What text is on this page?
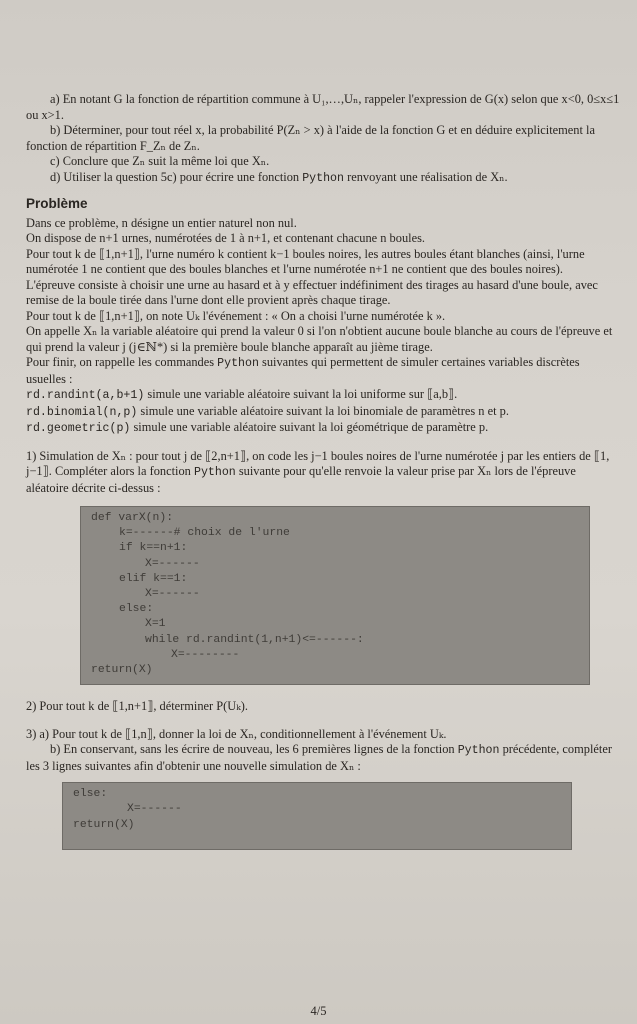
a) En notant G la fonction de répartition commune à U₁,…,Uₙ, rappeler l'expression de G(x) selon que x<0, 0≤x≤1 ou x>1.

b) Déterminer, pour tout réel x, la probabilité P(Zₙ > x) à l'aide de la fonction G et en déduire explicitement la fonction de répartition F_Zₙ de Zₙ.

c) Conclure que Zₙ suit la même loi que Xₙ.

d) Utiliser la question 5c) pour écrire une fonction Python renvoyant une réalisation de Xₙ.

Problème

Dans ce problème, n désigne un entier naturel non nul.

On dispose de n+1 urnes, numérotées de 1 à n+1, et contenant chacune n boules.

Pour tout k de ⟦1,n+1⟧, l'urne numéro k contient k−1 boules noires, les autres boules étant blanches (ainsi, l'urne numérotée 1 ne contient que des boules blanches et l'urne numérotée n+1 ne contient que des boules noires).

L'épreuve consiste à choisir une urne au hasard et à y effectuer indéfiniment des tirages au hasard d'une boule, avec remise de la boule tirée dans l'urne dont elle provient après chaque tirage.

Pour tout k de ⟦1,n+1⟧, on note Uₖ l'événement : « On a choisi l'urne numérotée k ».

On appelle Xₙ la variable aléatoire qui prend la valeur 0 si l'on n'obtient aucune boule blanche au cours de l'épreuve et qui prend la valeur j (j∈ℕ*) si la première boule blanche apparaît au jième tirage.

Pour finir, on rappelle les commandes Python suivantes qui permettent de simuler certaines variables discrètes usuelles :

rd.randint(a,b+1) simule une variable aléatoire suivant la loi uniforme sur ⟦a,b⟧.

rd.binomial(n,p) simule une variable aléatoire suivant la loi binomiale de paramètres n et p.

rd.geometric(p) simule une variable aléatoire suivant la loi géométrique de paramètre p.

1) Simulation de Xₙ : pour tout j de ⟦2,n+1⟧, on code les j−1 boules noires de l'urne numérotée j par les entiers de ⟦1, j−1⟧. Compléter alors la fonction Python suivante pour qu'elle renvoie la valeur prise par Xₙ lors de l'épreuve aléatoire décrite ci-dessus :

def varX(n):
k=------# choix de l'urne
if k==n+1:
X=------
elif k==1:
X=------
else:
X=1
while rd.randint(1,n+1)<=------:
X=--------
return(X)

2) Pour tout k de ⟦1,n+1⟧, déterminer P(Uₖ).

3) a) Pour tout k de ⟦1,n⟧, donner la loi de Xₙ, conditionnellement à l'événement Uₖ.

b) En conservant, sans les écrire de nouveau, les 6 premières lignes de la fonction Python précédente, compléter les 3 lignes suivantes afin d'obtenir une nouvelle simulation de Xₙ :

else:
X=------
return(X)
4/5
